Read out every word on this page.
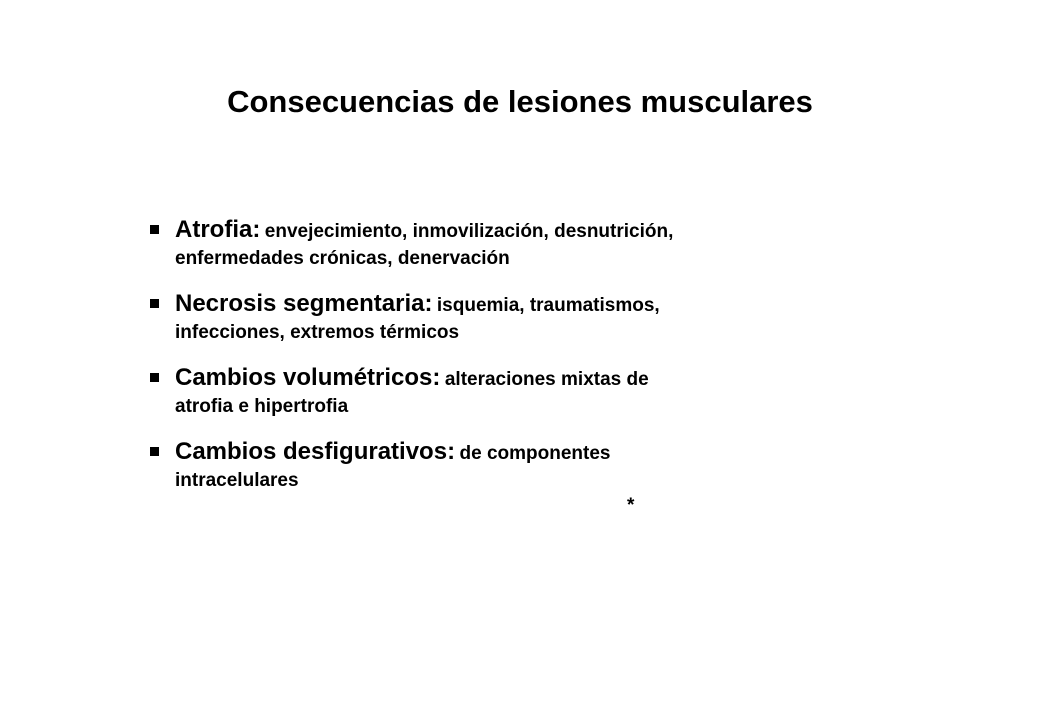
Consecuencias de lesiones musculares
Atrofia: envejecimiento, inmovilización, desnutrición,
enfermedades crónicas, denervación
Necrosis segmentaria: isquemia, traumatismos,
infecciones, extremos térmicos
Cambios volumétricos: alteraciones mixtas de
atrofia e hipertrofia
Cambios desfigurativos: de componentes
intracelulares
*
